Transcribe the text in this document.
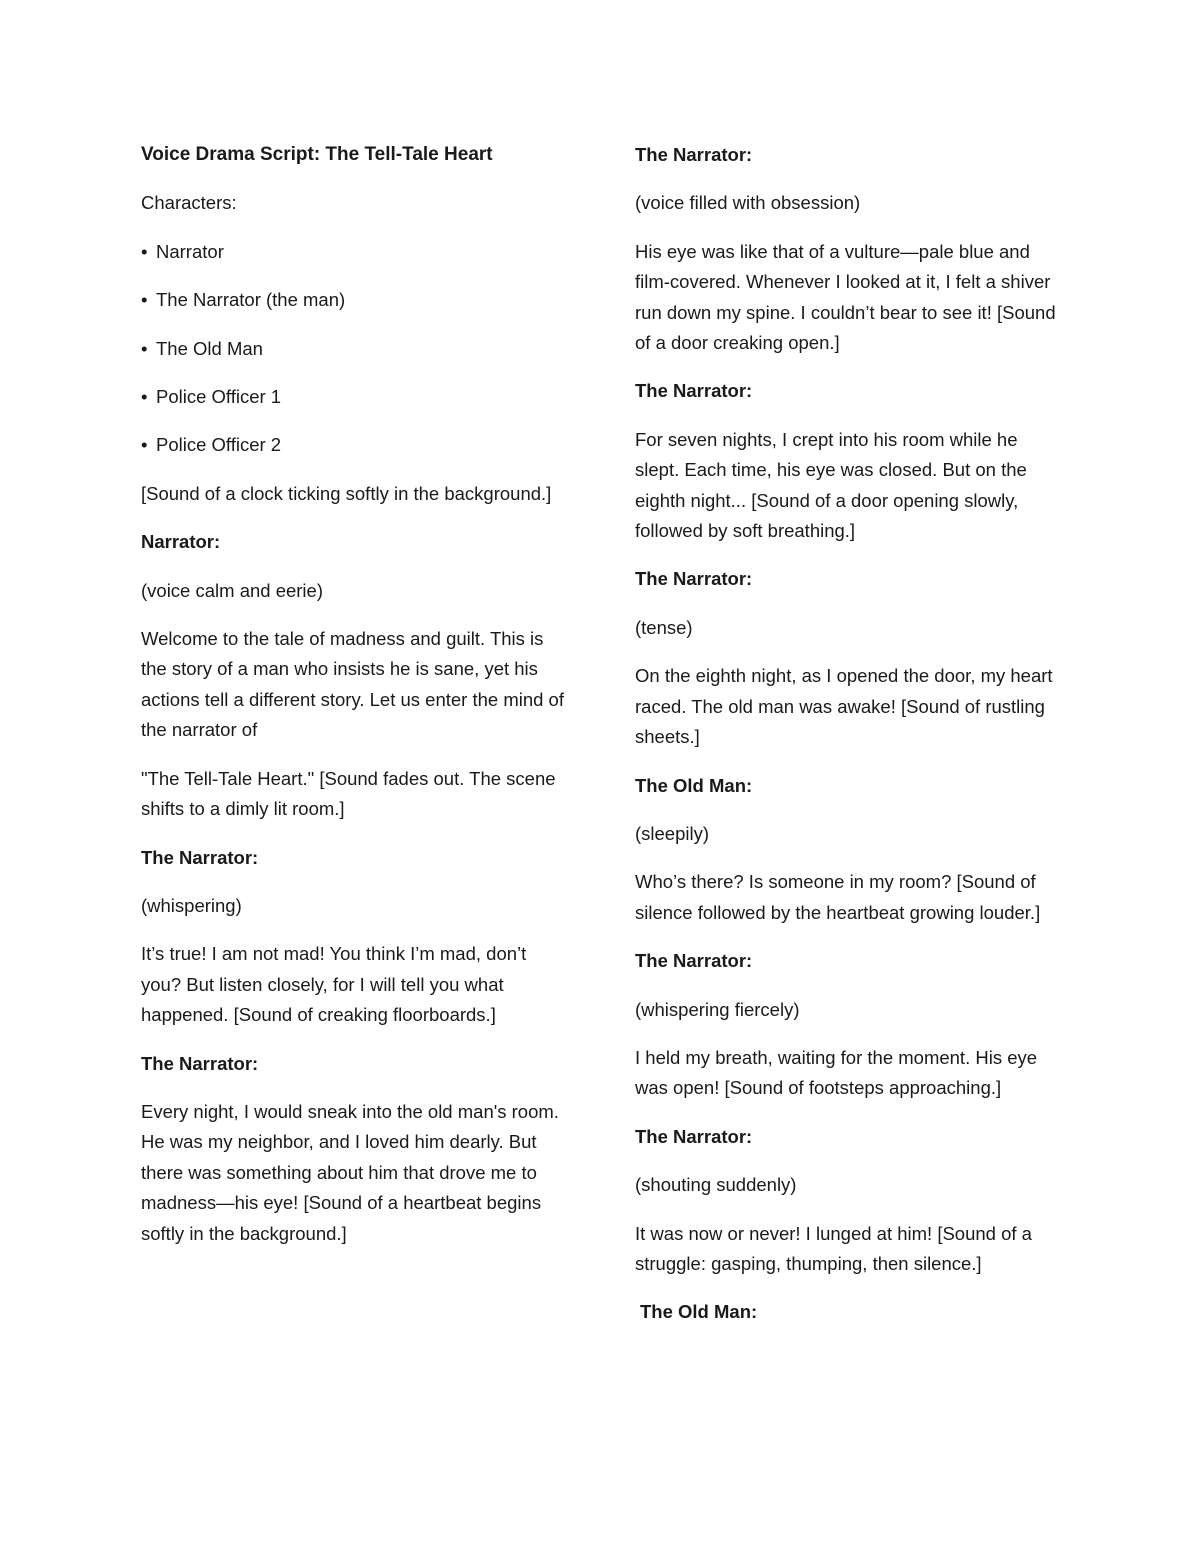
Voice Drama Script: The Tell-Tale Heart

Characters:

• Narrator

• The Narrator (the man)

• The Old Man

• Police Officer 1

• Police Officer 2

[Sound of a clock ticking softly in the background.]

Narrator:

(voice calm and eerie)

Welcome to the tale of madness and guilt. This is the story of a man who insists he is sane, yet his actions tell a different story. Let us enter the mind of the narrator of

"The Tell-Tale Heart." [Sound fades out. The scene shifts to a dimly lit room.]

The Narrator:

(whispering)

It’s true! I am not mad! You think I’m mad, don’t you? But listen closely, for I will tell you what happened. [Sound of creaking floorboards.]

The Narrator:

Every night, I would sneak into the old man's room. He was my neighbor, and I loved him dearly. But there was something about him that drove me to madness—his eye! [Sound of a heartbeat begins softly in the background.]

The Narrator:

(voice filled with obsession)

His eye was like that of a vulture—pale blue and film-covered. Whenever I looked at it, I felt a shiver run down my spine. I couldn’t bear to see it! [Sound of a door creaking open.]

The Narrator:

For seven nights, I crept into his room while he slept. Each time, his eye was closed. But on the eighth night... [Sound of a door opening slowly, followed by soft breathing.]

The Narrator:

(tense)

On the eighth night, as I opened the door, my heart raced. The old man was awake! [Sound of rustling sheets.]

The Old Man:

(sleepily)

Who’s there? Is someone in my room? [Sound of silence followed by the heartbeat growing louder.]

The Narrator:

(whispering fiercely)

I held my breath, waiting for the moment. His eye was open! [Sound of footsteps approaching.]

The Narrator:

(shouting suddenly)

It was now or never! I lunged at him! [Sound of a struggle: gasping, thumping, then silence.]

The Old Man:
